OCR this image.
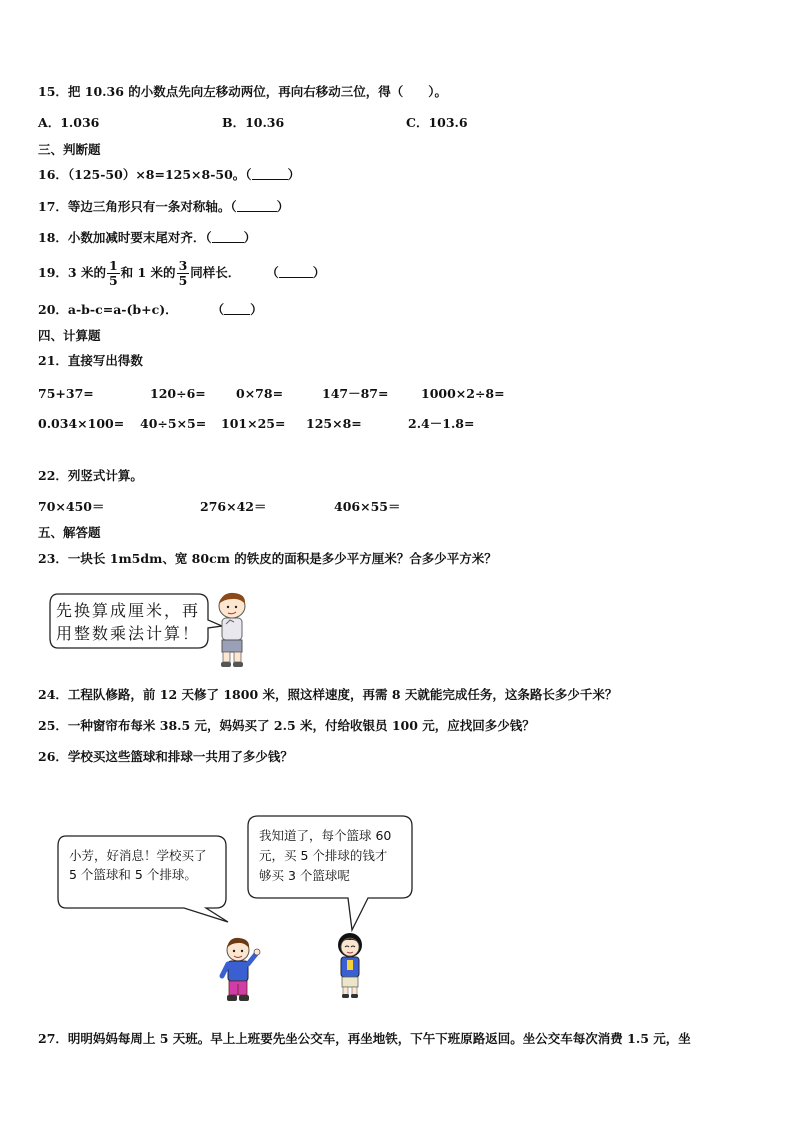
15．把 10.36 的小数点先向左移动两位，再向右移动三位，得（　　）。
A．1.036	B．10.36	C．103.6
三、判断题
16．（125-50）×8=125×8-50。（	）
17．等边三角形只有一条对称轴。（	）
18．小数加减时要末尾对齐．（	）
19．3 米的 $\frac{1}{5}$ 和 1 米的 $\frac{3}{5}$ 同样长． （	）
20．a-b-c=a-(b+c)．	（ ）
四、计算题
21．直接写出得数
75+37=	120÷6= 0×78=	147－87=	1000×2÷8=
0.034×100= 40÷5×5= 101×25= 125×8=	2.4－1.8=
22．列竖式计算。
70×450＝	276×42＝	406×55＝
五、解答题
23．一块长 1m5dm、宽 80cm 的铁皮的面积是多少平方厘米？合多少平方米？
先换算成厘米，再
用整数乘法计算！
24．工程队修路，前 12 天修了 1800 米，照这样速度，再需 8 天就能完成任务，这条路长多少千米？
25．一种窗帘布每米 38.5 元，妈妈买了 2.5 米，付给收银员 100 元，应找回多少钱？
26．学校买这些篮球和排球一共用了多少钱？
小芳，好消息！学校买了
5 个篮球和 5 个排球。
我知道了，每个篮球 60
元，买 5 个排球的钱才
够买 3 个篮球呢
27．明明妈妈每周上 5 天班。早上上班要先坐公交车，再坐地铁，下午下班原路返回。坐公交车每次消费 1.5 元，坐
